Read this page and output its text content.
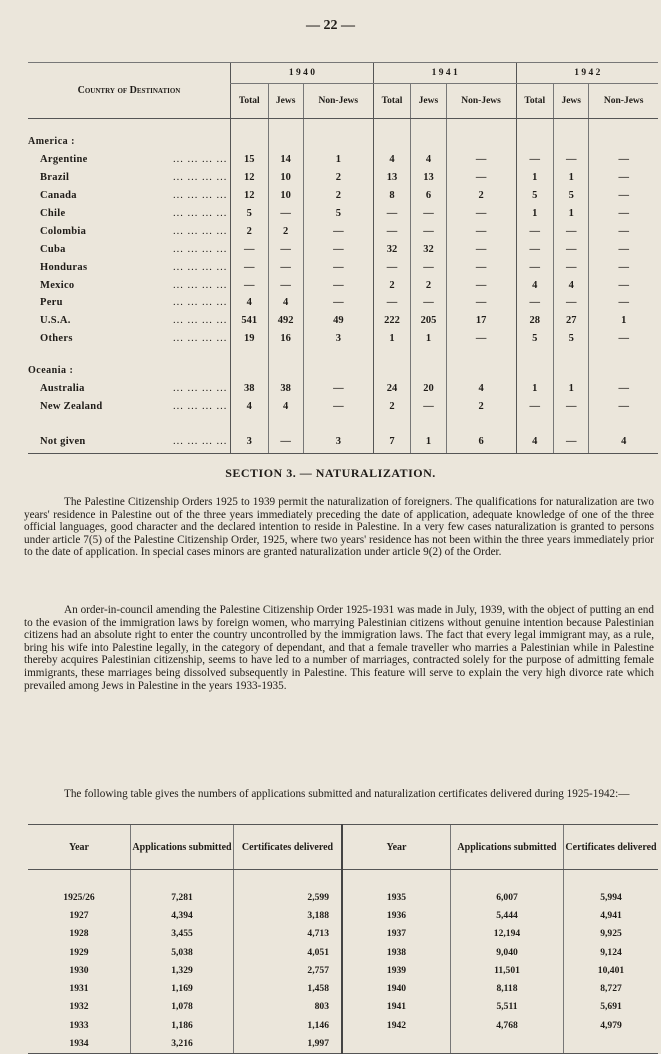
— 22 —
Country of Destination	1 9 4 0			1 9 4 1			1 9 4 2		
	Total	Jews	Non-Jews	Total	Jews	Non-Jews	Total	Jews	Non-Jews

America :									
Argentine ... ... ... ...	15	14	1	4	4	—	—	—	—
Brazil ... ... ... ...	12	10	2	13	13	—	1	1	—
Canada ... ... ... ...	12	10	2	8	6	2	5	5	—
Chile ... ... ... ...	5	—	5	—	—	—	1	1	—
Colombia ... ... ... ...	2	2	—	—	—	—	—	—	—
Cuba ... ... ... ...	—	—	—	32	32	—	—	—	—
Honduras ... ... ... ...	—	—	—	—	—	—	—	—	—
Mexico ... ... ... ...	—	—	—	2	2	—	4	4	—
Peru ... ... ... ...	4	4	—	—	—	—	—	—	—
U.S.A. ... ... ... ...	541	492	49	222	205	17	28	27	1
Others ... ... ... ...	19	16	3	1	1	—	5	5	—

Oceania :									
Australia ... ... ... ...	38	38	—	24	20	4	1	1	—
New Zealand ... ... ... ...	4	4	—	2	—	2	—	—	—

Not given ... ... ... ...	3	—	3	7	1	6	4	—	4
SECTION 3. — NATURALIZATION.
The Palestine Citizenship Orders 1925 to 1939 permit the naturalization of foreigners. The qualifications for naturalization are two years' residence in Palestine out of the three years immediately preceding the date of application, adequate knowledge of one of the three official languages, good character and the declared intention to reside in Palestine. In a very few cases naturalization is granted to persons under article 7(5) of the Palestine Citizenship Order, 1925, where two years' residence has not been within the three years immediately prior to the date of application. In special cases minors are granted naturalization under article 9(2) of the Order.
An order-in-council amending the Palestine Citizenship Order 1925-1931 was made in July, 1939, with the object of putting an end to the evasion of the immigration laws by foreign women, who marrying Palestinian citizens without genuine intention because Palestinian citizens had an absolute right to enter the country uncontrolled by the immigration laws. The fact that every legal immigrant may, as a rule, bring his wife into Palestine legally, in the category of dependant, and that a female traveller who marries a Palestinian while in Palestine thereby acquires Palestinian citizenship, seems to have led to a number of marriages, contracted solely for the purpose of admitting female immigrants, these marriages being dissolved subsequently in Palestine. This feature will serve to explain the very high divorce rate which prevailed among Jews in Palestine in the years 1933-1935.
The following table gives the numbers of applications submitted and naturalization certificates delivered during 1925-1942:—
Year	Applications submitted	Certificates delivered	Year	Applications submitted	Certificates delivered

1925/26	7,281	2,599	1935	6,007	5,994
1927	4,394	3,188	1936	5,444	4,941
1928	3,455	4,713	1937	12,194	9,925
1929	5,038	4,051	1938	9,040	9,124
1930	1,329	2,757	1939	11,501	10,401
1931	1,169	1,458	1940	8,118	8,727
1932	1,078	803	1941	5,511	5,691
1933	1,186	1,146	1942	4,768	4,979
1934	3,216	1,997			
